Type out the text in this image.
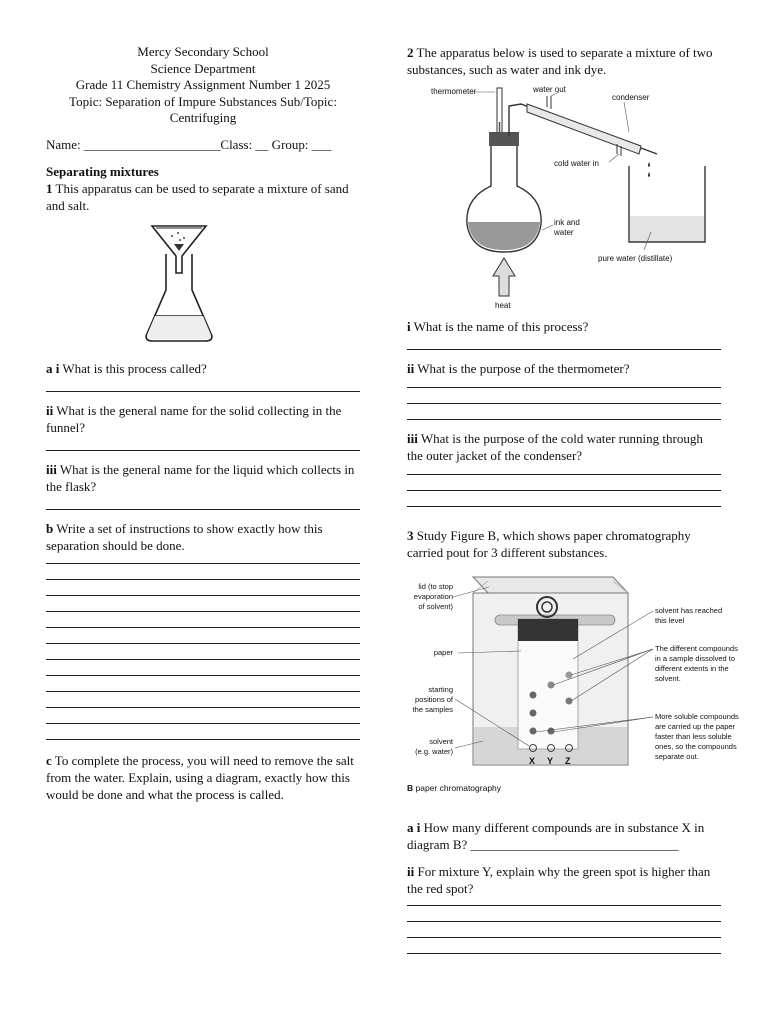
Mercy Secondary School
Science Department
Grade 11 Chemistry Assignment Number 1 2025
Topic: Separation of Impure Substances Sub/Topic:
Centrifuging

Name: _____________________Class: __ Group: ___

Separating mixtures

1 This apparatus can be used to separate a mixture of sand and salt.

a i What is this process called?

ii What is the general name for the solid collecting in the funnel?

iii What is the general name for the liquid which collects in the flask?

b Write a set of instructions to show exactly how this separation should be done.

c To complete the process, you will need to remove the salt from the water. Explain, using a diagram, exactly how this would be done and what the process is called.

2 The apparatus below is used to separate a mixture of two substances, such as water and ink dye.

thermometer	water out
condenser
cold water in
ink and
water
pure water (distillate)
heat

i What is the name of this process?

ii What is the purpose of the thermometer?

iii What is the purpose of the cold water running through the outer jacket of the condenser?

3 Study Figure B, which shows paper chromatography carried pout for 3 different substances.

X Y Z
lid (to stop
evaporation
of solvent)
paper
starting
positions of
the samples
solvent
(e.g. water)
solvent has reached
this level
The different compounds
in a sample dissolved to
different extents in the
solvent.
More soluble compounds
are carried up the paper
faster than less soluble
ones, so the compounds
separate out.
B paper chromatography

a i How many different compounds are in substance X in diagram B? ________________________________

ii For mixture Y, explain why the green spot is higher than the red spot?
